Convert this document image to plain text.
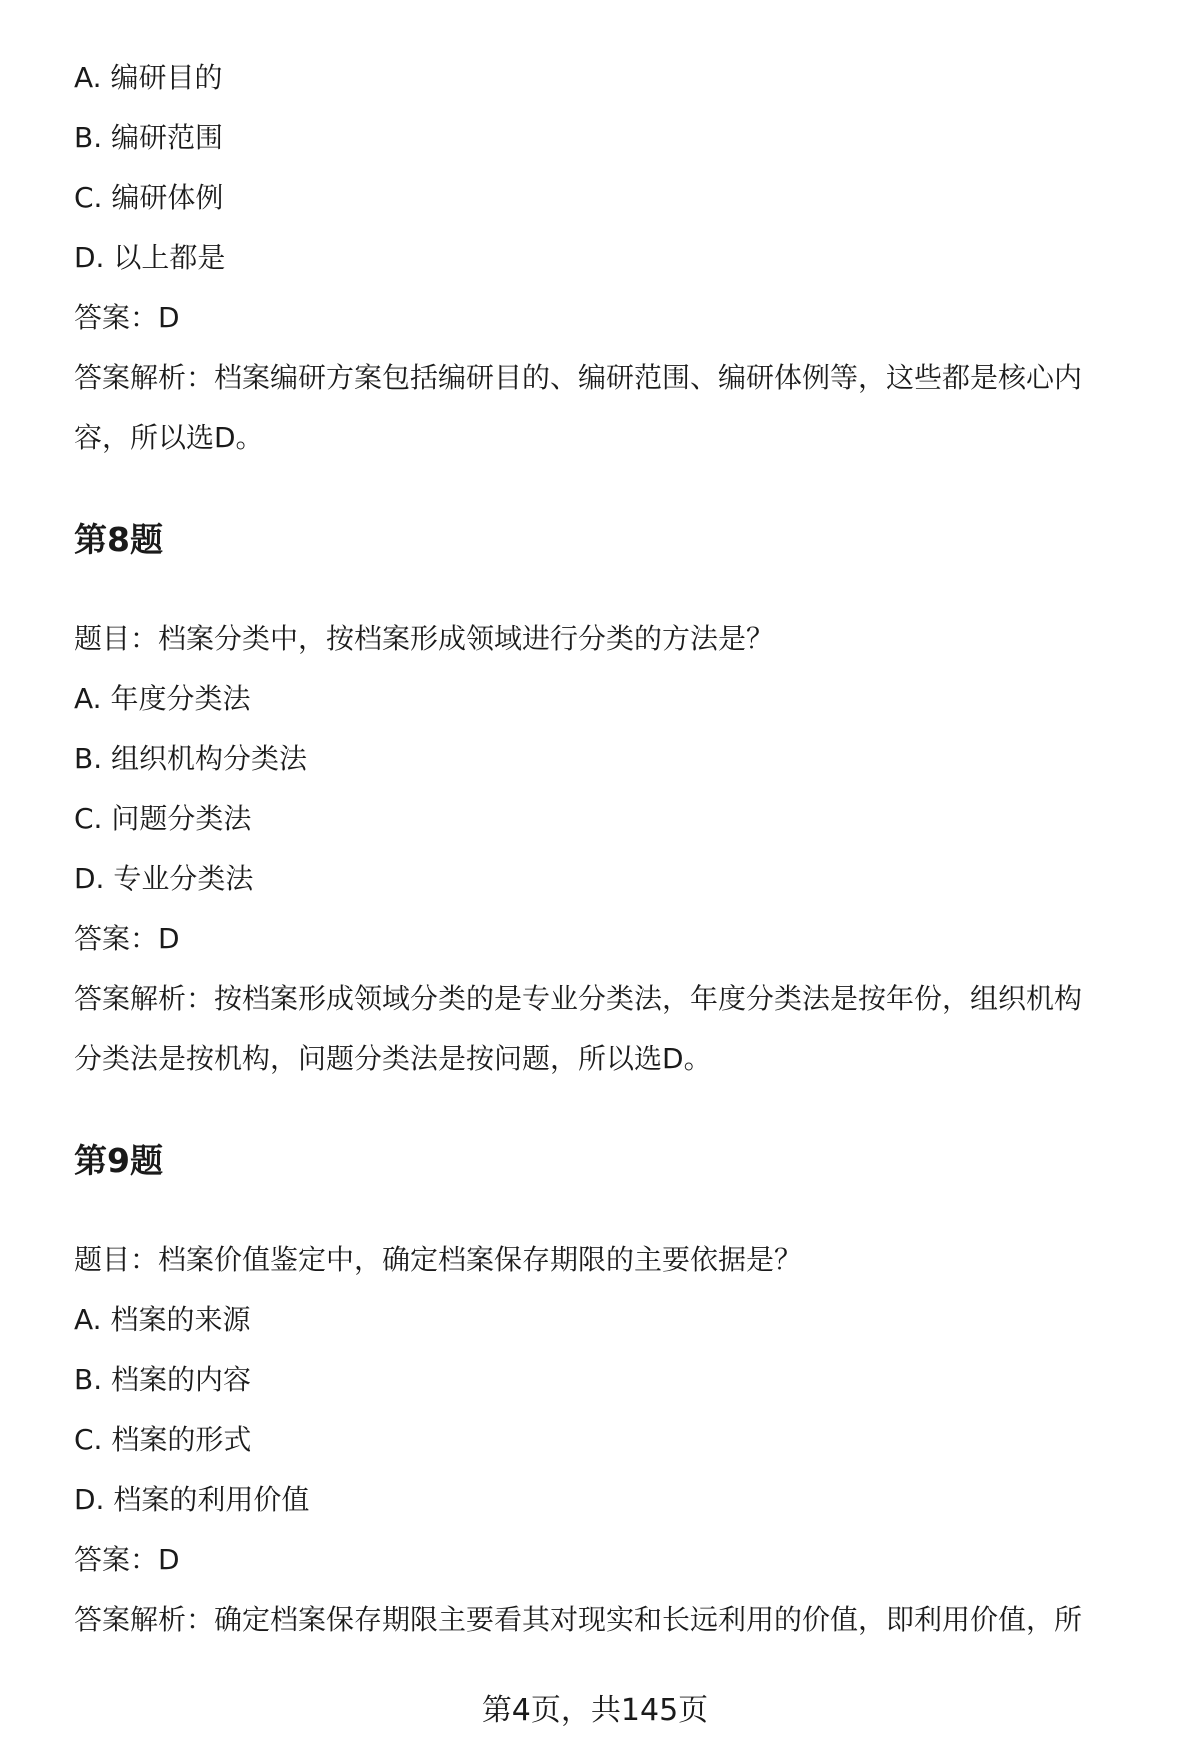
A. 编研目的
B. 编研范围
C. 编研体例
D. 以上都是
答案：D
答案解析：档案编研方案包括编研目的、编研范围、编研体例等，这些都是核心内
容，所以选D。
第8题
题目：档案分类中，按档案形成领域进行分类的方法是？
A. 年度分类法
B. 组织机构分类法
C. 问题分类法
D. 专业分类法
答案：D
答案解析：按档案形成领域分类的是专业分类法，年度分类法是按年份，组织机构
分类法是按机构，问题分类法是按问题，所以选D。
第9题
题目：档案价值鉴定中，确定档案保存期限的主要依据是？
A. 档案的来源
B. 档案的内容
C. 档案的形式
D. 档案的利用价值
答案：D
答案解析：确定档案保存期限主要看其对现实和长远利用的价值，即利用价值，所
第4页，共145页
